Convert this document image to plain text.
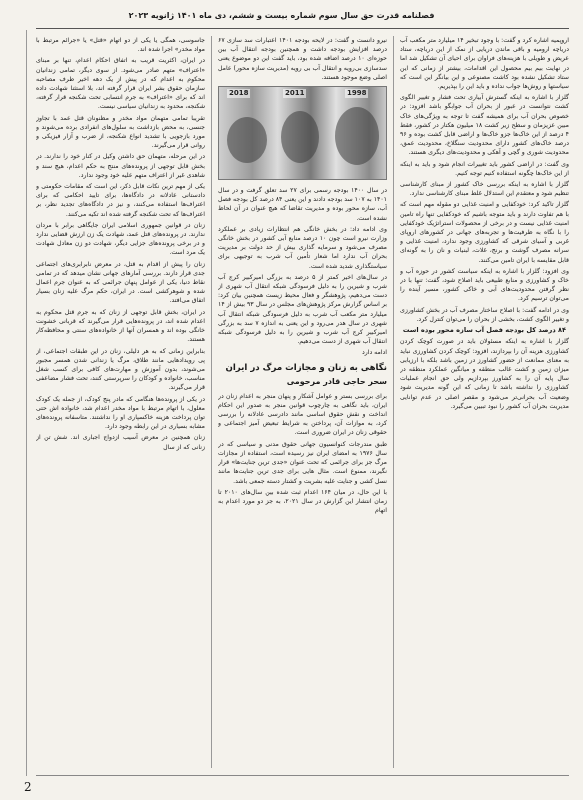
فصلنامه قدرت حق سال سوم شماره بیست و ششم، دی ماه ۱۴۰۱ ژانویه ۲۰۲۳

اروپمیه اشاره کرد و گفت: با وجود تبخیر ۱۴ میلیارد متر مکعب آب دریاچه ارومیه و باقی ماندن دریایی از نمک از این دریاچه، ستاد عریض و طویلی با هزینه‌های فراوان برای احیای آن تشکیل شد اما در نهایت بیم بیم محصول این اقدامات، بیشتر از زمانی که این ستاد تشکیل نشده بود کاشت مصنوعی و این بیانگر این است که سیاستها و روش‌ها جواب نداده و باید این را بپذیریم.

گلزار با اشاره به اینکه گسترش آبیاری تحت فشار و تغییر الگوی کشت نتوانست در عبور از بحران آب جوابگو باشد افزود: در خصوص بحران آب برای همیشه گفت تا توجه به ویژگی‌های خاک مبین عزیزمان و سطح زیر کشت ۱۸ میلیون هکتار در کشور، فقط ۴ درصد از این خاک‌ها جزو خاک‌ها و اراضی قابل کشت بوده و ۹۶ درصد خاک‌های کشور دارای محدودیت سنگلاخ، محدودیت عمق، محدودیت شوری و گچی و آهکی و محدودیت‌های دیگری هستند.

وی گفت: در اراضی کشور باید تغییرات انجام شود و باید به اینکه از این خاک‌ها چگونه استفاده کنیم توجه کنیم.

گلزار با اشاره به اینکه بررسی خاک کشور از مبنای کارشناسی تنظیم شود و معتقدم این استدلال غلط مبنای کارشناسی ندارد.

گلزار تاکید کرد: خودکفایی و امنیت غذایی دو مقوله مهم است که با هم تفاوت دارند و باید متوجه باشیم که خودکفایی تنها راه تامین امنیت غذایی نیست و در برخی از محصولات استراتژیک خودکفایی را با نگاه به ظرفیت‌ها و تجربه‌های جهانی در کشورهای اروپای غربی و آسیای شرقی که کشاورزی وجود ندارد، امنیت غذایی و سرانه مصرف گوشت و برنج، غلات، لبنیات و نان را به گونه‌ای قابل مقایسه با ایران تامین می‌کنند.

وی افزود: گلزار با اشاره به اینکه سیاست کشور در حوزه آب و خاک و کشاورزی و منابع طبیعی باید اصلاح شود، گفت: تنها با در نظر گرفتن محدودیت‌های آبی و خاکی کشور، مسیر آینده را می‌توان ترسیم کرد.

وی در ادامه گفت: با اصلاح ساختار مصرف آب در بخش کشاورزی و تغییر الگوی کشت، بخشی از بحران را می‌توان کنترل کرد.

۸۴ درصد کل بودجه فصل آب سازه محور بوده است

گلزار با اشاره به اینکه مسئولان باید در صورت کوچک کردن کشاورزی هزینه آن را بپردازند، افزود: کوچک کردن کشاورزی نباید به معنای ممانعت از حضور کشاورز در زمین باشد بلکه با ارزیابی میزان زمین و کشت غالب منطقه و میانگین عملکرد منطقه در سال پایه آن را به کشاورز بپردازیم ولی حق انجام عملیات کشاورزی را نداشته باشد تا زمانی که این گونه مدیریت شود وضعیت آب بحرانی‌تر می‌شود و مقصر اصلی در عدم توانایی مدیریت بحران آب کشور را نبود تبیین می‌گیرد.

نیرو دانست و گفت: در لایحه بودجه ۱۴۰۱ اعتبارات سد سازی ۶۷ درصد افزایش بودجه داشت و همچنین بودجه انتقال آب بین حوزه‌ای ۱۰ درصد اضافه شده بود، باید گفت این دو موضوع یعنی سدسازی بی‌رویه و انتقال آب بی رویه (مدیریت سازه محور) عامل اصلی وضع موجود هستند.

2018	2011	1998

در سال ۱۴۰۰ بودجه رسمی برای ۲۷ سد تعلق گرفت و در سال ۱۴۰۱ به ۱۰۷ سد بودجه دادند و این یعنی ۸۴ درصد کل بودجه فصل آب، سازه محور بوده و مدیریت تقاضا که هیچ عنوان در آن لحاظ نشده است.

وی ادامه داد: در بخش خانگی هم انتظارات زیادی بر عملکرد وزارت نیرو است چون ۱۰ درصد منابع آبی کشور در بخش خانگی مصرف می‌شود و سرمایه گذاری بیش از حد دولت بر مدیریت بحران آب ندارد اما شعار تأمین آب شرب به توجیهی برای سیاستگذاری شدید شده است.

در سال‌های اخیر کمتر از ۵ درصد به بزرگی امیرکبیر کرج آب شرب و شیرین را به دلیل فرسودگی شبکه انتقال آب شهری از دست می‌دهیم، پژوهشگر و فعال محیط زیست همچنین بیان کرد: بر اساس گزارش مرکز پژوهش‌های مجلس در سال ۹۳ بیش از ۱۴ میلیارد متر مکعب آب شرب به دلیل فرسودگی شبکه انتقال آب شهری در سال هدر می‌رود و این یعنی به اندازه ۷ سد به بزرگی امیرکبیر کرج آب شرب و شیرین را به دلیل فرسودگی شبکه انتقال آب شهری از دست می‌دهیم.

ادامه دارد

نگاهی به زنان و مجازات مرگ در ایران
سحر حاجی قادر مرحومی

برای بررسی بستر و عوامل آشکار و پنهان منجر به اعدام زنان در ایران، باید نگاهی به چارچوب قوانین منجر به صدور این احکام انداخت و نقش حقوق اساسی مانند دادرسی عادلانه را بررسی کرد، به موازات آن، پرداختن به شرایط تبعیض آمیز اجتماعی و حقوقی زنان در ایران ضروری است.

طبق مندرجات کنوانسیون جهانی حقوق مدنی و سیاسی که در سال ۱۹۷۶ به امضای ایران نیز رسیده است، استفاده از مجازات مرگ جز برای جرائمی که تحت عنوان «جدی ترین جنایت‌ها» قرار نگیرند، ممنوع است. مثال هایی برای جدی ترین جنایت‌ها مانند نسل کشی و جنایت علیه بشریت و کشتار دسته جمعی باشد.

با این حال، در میان ۱۶۴ اعدام ثبت شده بین سال‌های ۲۰۱۰ تا زمان انتشار این گزارش در سال ۲۰۲۱، به جز دو مورد اعدام به اتهام

جاسوسی، همگی یا یکی از دو اتهام «قتل» یا «جرائم مرتبط با مواد مخدر» اجرا شده اند.

در ایران، اکثریت قریب به اتفاق احکام اعدام، تنها بر مبنای «اعتراف» متهم صادر می‌شود. از سوی دیگر، تمامی زندانیان محکوم به اعدام که در پیش از یک دهه اخیر طرف مصاحبه سازمان حقوق بشر ایران قرار گرفته اند، بلا استثنا شهادت داده اند که برای «اعتراف» به جرم انتسابی تحت شکنجه قرار گرفته، شکنجه، محدود به زندانیان سیاسی نیست.

تقریبا تمامی متهمان مواد مخدر و مظنونان قتل عمد با تجاوز جنسی، به محض بازداشت به سلول‌های انفرادی برده می‌شوند و مورد بازجویی با تشدید انواع شکنجه، از ضرب و آزار فیزیکی و روانی قرار می‌گیرند.

در این مرحله، متهمان حق داشتن وکیل در کنار خود را ندارند. در بخش قابل توجهی از پرونده‌های منتج به حکم اعدام، هیچ سند و شاهدی غیر از اعتراف متهم علیه خود وجود ندارد.

یکی از مهم ترین نکات قابل ذکر، این است که مقامات حکومتی و دادستانی عادلانه در دادگاه‌ها، برای تایید احکامی که برای اعتراف‌ها استفاده می‌کنند، و نیز در دادگاه‌های تجدید نظر، بر اعتراف‌ها که تحت شکنجه گرفته شده اند تکیه می‌کنند.

زنان در قوانین جمهوری اسلامی ایران جایگاهی برابر با مردان ندارند. در پرونده‌های قتل عمد، شهادت یک زن ارزش قضایی ندارد و در برخی پرونده‌های جزایی دیگر، شهادت دو زن معادل شهادت یک مرد است.

زنان را پیش از اقدام به قتل، در معرض نابرابری‌های اجتماعی جدی قرار دارند. بررسی آمارهای جهانی نشان میدهد که در تمامی نقاط دنیا، یکی از عوامل پنهان جرائمی که به عنوان جرم اعمال شده و شوهرکشی است. در ایران، حکم مرگ علیه زنان بسیار اتفاق می‌افتد.

در ایران، بخش قابل توجهی از زنان که به جرم قتل محکوم به اعدام شده اند، در پرونده‌هایی قرار می‌گیرند که قربانی خشونت خانگی بوده اند و همسران آنها از خانواده‌های سنتی و محافظه‌کار هستند.

بنابراین زمانی که به هر دلیلی، زنان در این طبقات اجتماعی، از پی رویدادهایی مانند طلاق، مرگ یا زندانی شدن همسر مجبور می‌شوند، بدون آموزش و مهارت‌های کافی برای کسب شغل مناسب، خانواده و کودکان را سرپرستی کنند، تحت فشار مضاعفی قرار می‌گیرند.

در یکی از پرونده‌ها هنگامی که مادر پنج کودک، از جمله یک کودک معلول، با اتهام مرتبط با مواد مخدر اعدام شد، خانواده اش حتی توان پرداخت هزینه خاکسپاری او را نداشتند. متاسفانه پرونده‌های مشابه بسیاری در این رابطه وجود دارد.

زنان همچنین در معرض آسیب ازدواج اجباری اند. شش تن از زنانی که از سال

2
